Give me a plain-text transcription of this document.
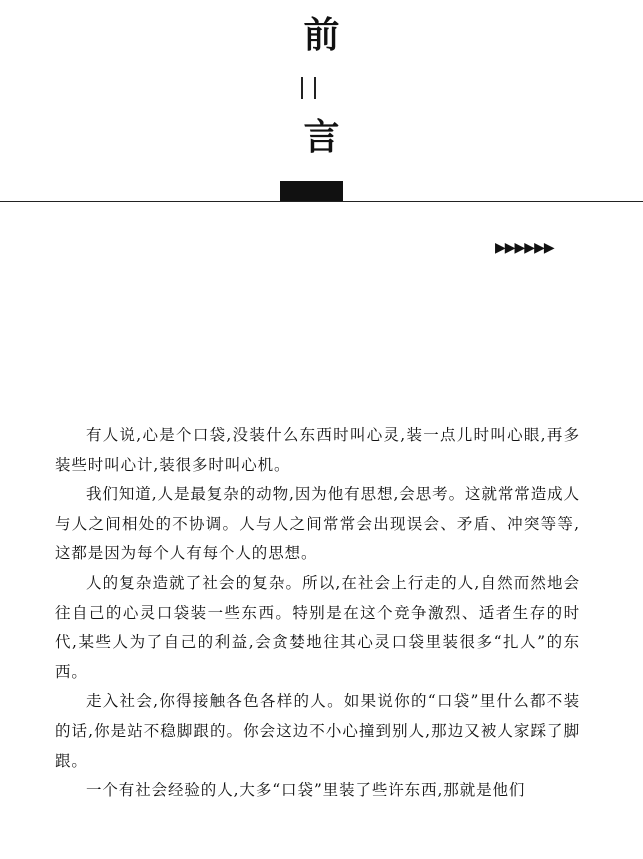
前
言
▶▶▶▶▶▶

有人说,心是个口袋,没装什么东西时叫心灵,装一点儿时叫心眼,再多装些时叫心计,装很多时叫心机。

我们知道,人是最复杂的动物,因为他有思想,会思考。这就常常造成人与人之间相处的不协调。人与人之间常常会出现误会、矛盾、冲突等等,这都是因为每个人有每个人的思想。

人的复杂造就了社会的复杂。所以,在社会上行走的人,自然而然地会往自己的心灵口袋装一些东西。特别是在这个竞争激烈、适者生存的时代,某些人为了自己的利益,会贪婪地往其心灵口袋里装很多“扎人”的东西。

走入社会,你得接触各色各样的人。如果说你的“口袋”里什么都不装的话,你是站不稳脚跟的。你会这边不小心撞到别人,那边又被人家踩了脚跟。

一个有社会经验的人,大多“口袋”里装了些许东西,那就是他们
